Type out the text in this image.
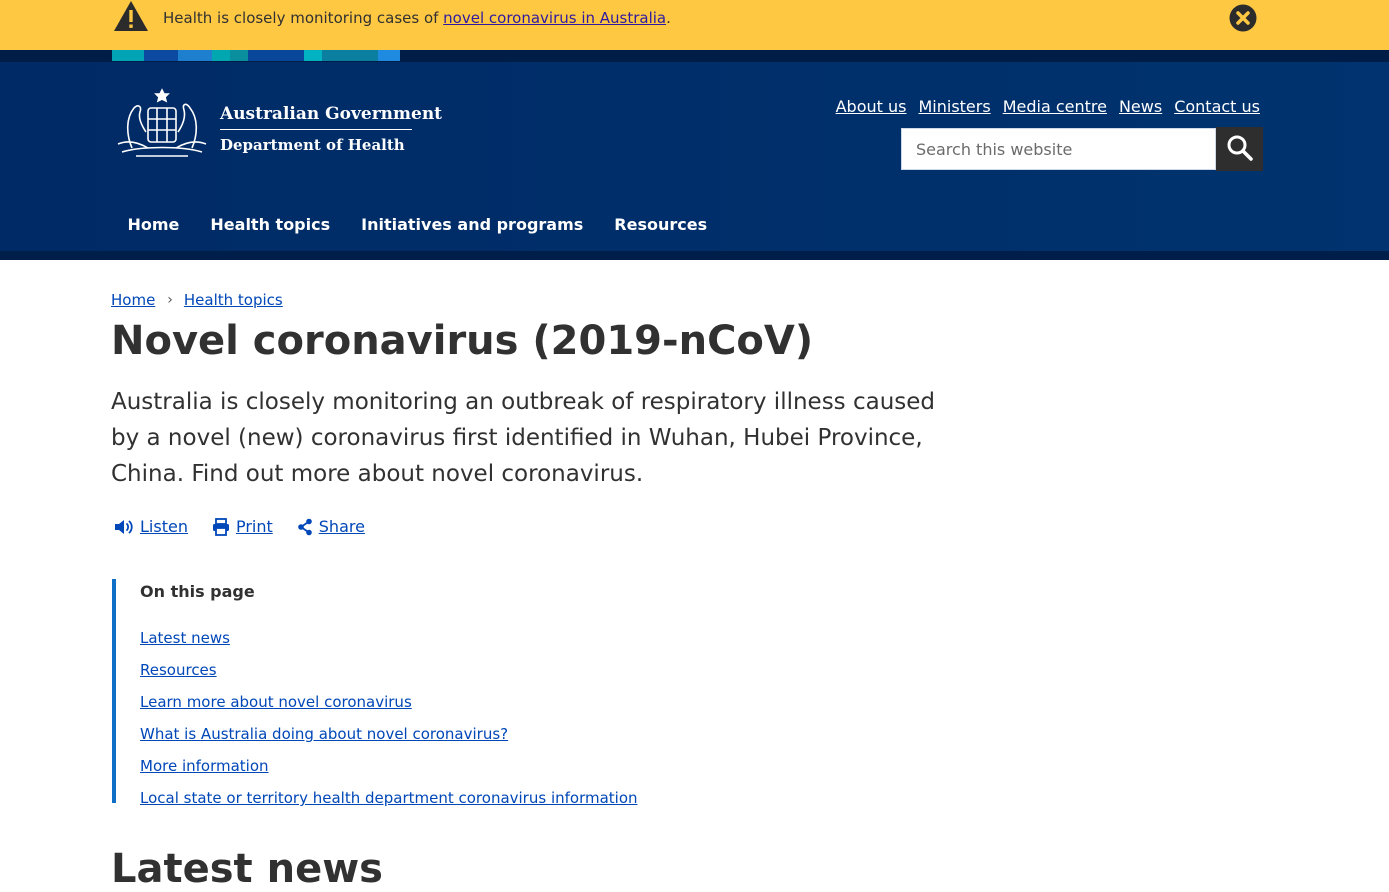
Health is closely monitoring cases of novel coronavirus in Australia.
Australian Government
Department of Health
About us Ministers Media centre News Contact us
Search this website
Home	Health topics	Initiatives and programs	Resources
Home › Health topics
Novel coronavirus (2019-nCoV)

Australia is closely monitoring an outbreak of respiratory illness caused by a novel (new) coronavirus first identified in Wuhan, Hubei Province, China. Find out more about novel coronavirus.

Listen	Print	Share
On this page
Latest news
Resources
Learn more about novel coronavirus
What is Australia doing about novel coronavirus?
More information
Local state or territory health department coronavirus information
Latest news
